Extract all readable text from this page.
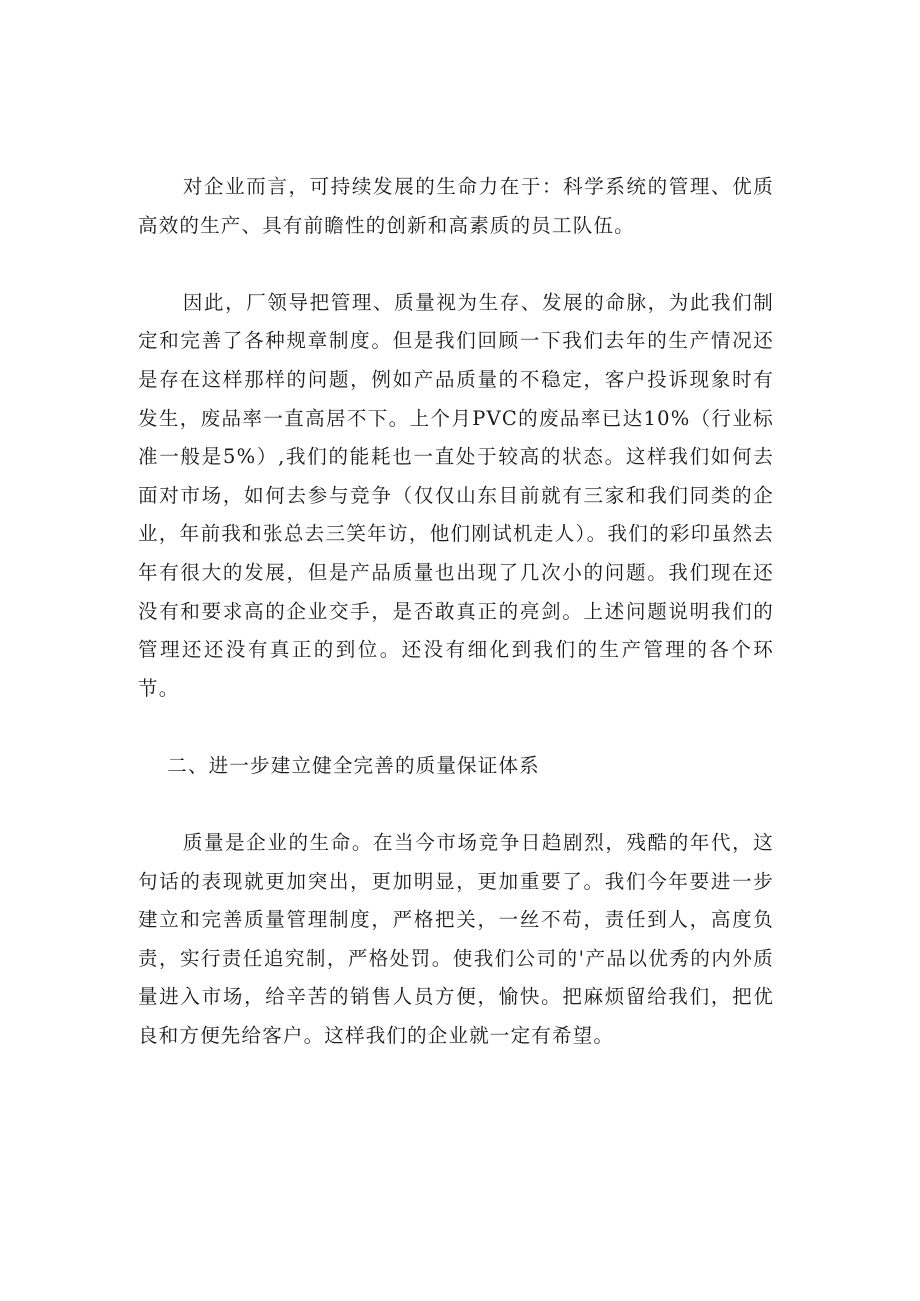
对企业而言，可持续发展的生命力在于：科学系统的管理、优质高效的生产、具有前瞻性的创新和高素质的员工队伍。

因此，厂领导把管理、质量视为生存、发展的命脉，为此我们制定和完善了各种规章制度。但是我们回顾一下我们去年的生产情况还是存在这样那样的问题，例如产品质量的不稳定，客户投诉现象时有发生，废品率一直高居不下。上个月PVC的废品率已达10%（行业标准一般是5%）,我们的能耗也一直处于较高的状态。这样我们如何去面对市场，如何去参与竞争（仅仅山东目前就有三家和我们同类的企业，年前我和张总去三笑年访，他们刚试机走人）。我们的彩印虽然去年有很大的发展，但是产品质量也出现了几次小的问题。我们现在还没有和要求高的企业交手，是否敢真正的亮剑。上述问题说明我们的管理还还没有真正的到位。还没有细化到我们的生产管理的各个环节。

二、进一步建立健全完善的质量保证体系

质量是企业的生命。在当今市场竞争日趋剧烈，残酷的年代，这句话的表现就更加突出，更加明显，更加重要了。我们今年要进一步建立和完善质量管理制度，严格把关，一丝不苟，责任到人，高度负责，实行责任追究制，严格处罚。使我们公司的'产品以优秀的内外质量进入市场，给辛苦的销售人员方便，愉快。把麻烦留给我们，把优良和方便先给客户。这样我们的企业就一定有希望。
